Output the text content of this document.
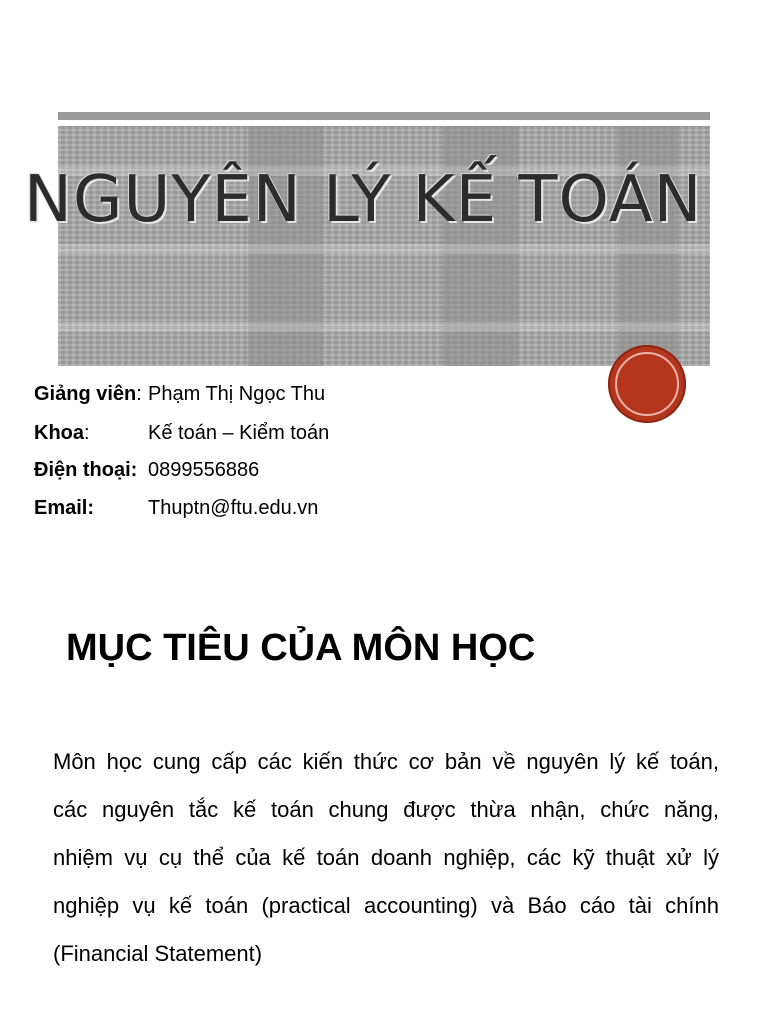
NGUYÊN LÝ KẾ TOÁN
Giảng viên: Phạm Thị Ngọc Thu
Khoa:	Kế toán – Kiểm toán
Điện thoại: 0899556886
Email:	Thuptn@ftu.edu.vn
MỤC TIÊU CỦA MÔN HỌC
Môn học cung cấp các kiến thức cơ bản về nguyên lý kế toán,
các nguyên tắc kế toán chung được thừa nhận, chức năng,
nhiệm vụ cụ thể của kế toán doanh nghiệp, các kỹ thuật xử lý
nghiệp vụ kế toán (practical accounting) và Báo cáo tài chính
(Financial Statement)
